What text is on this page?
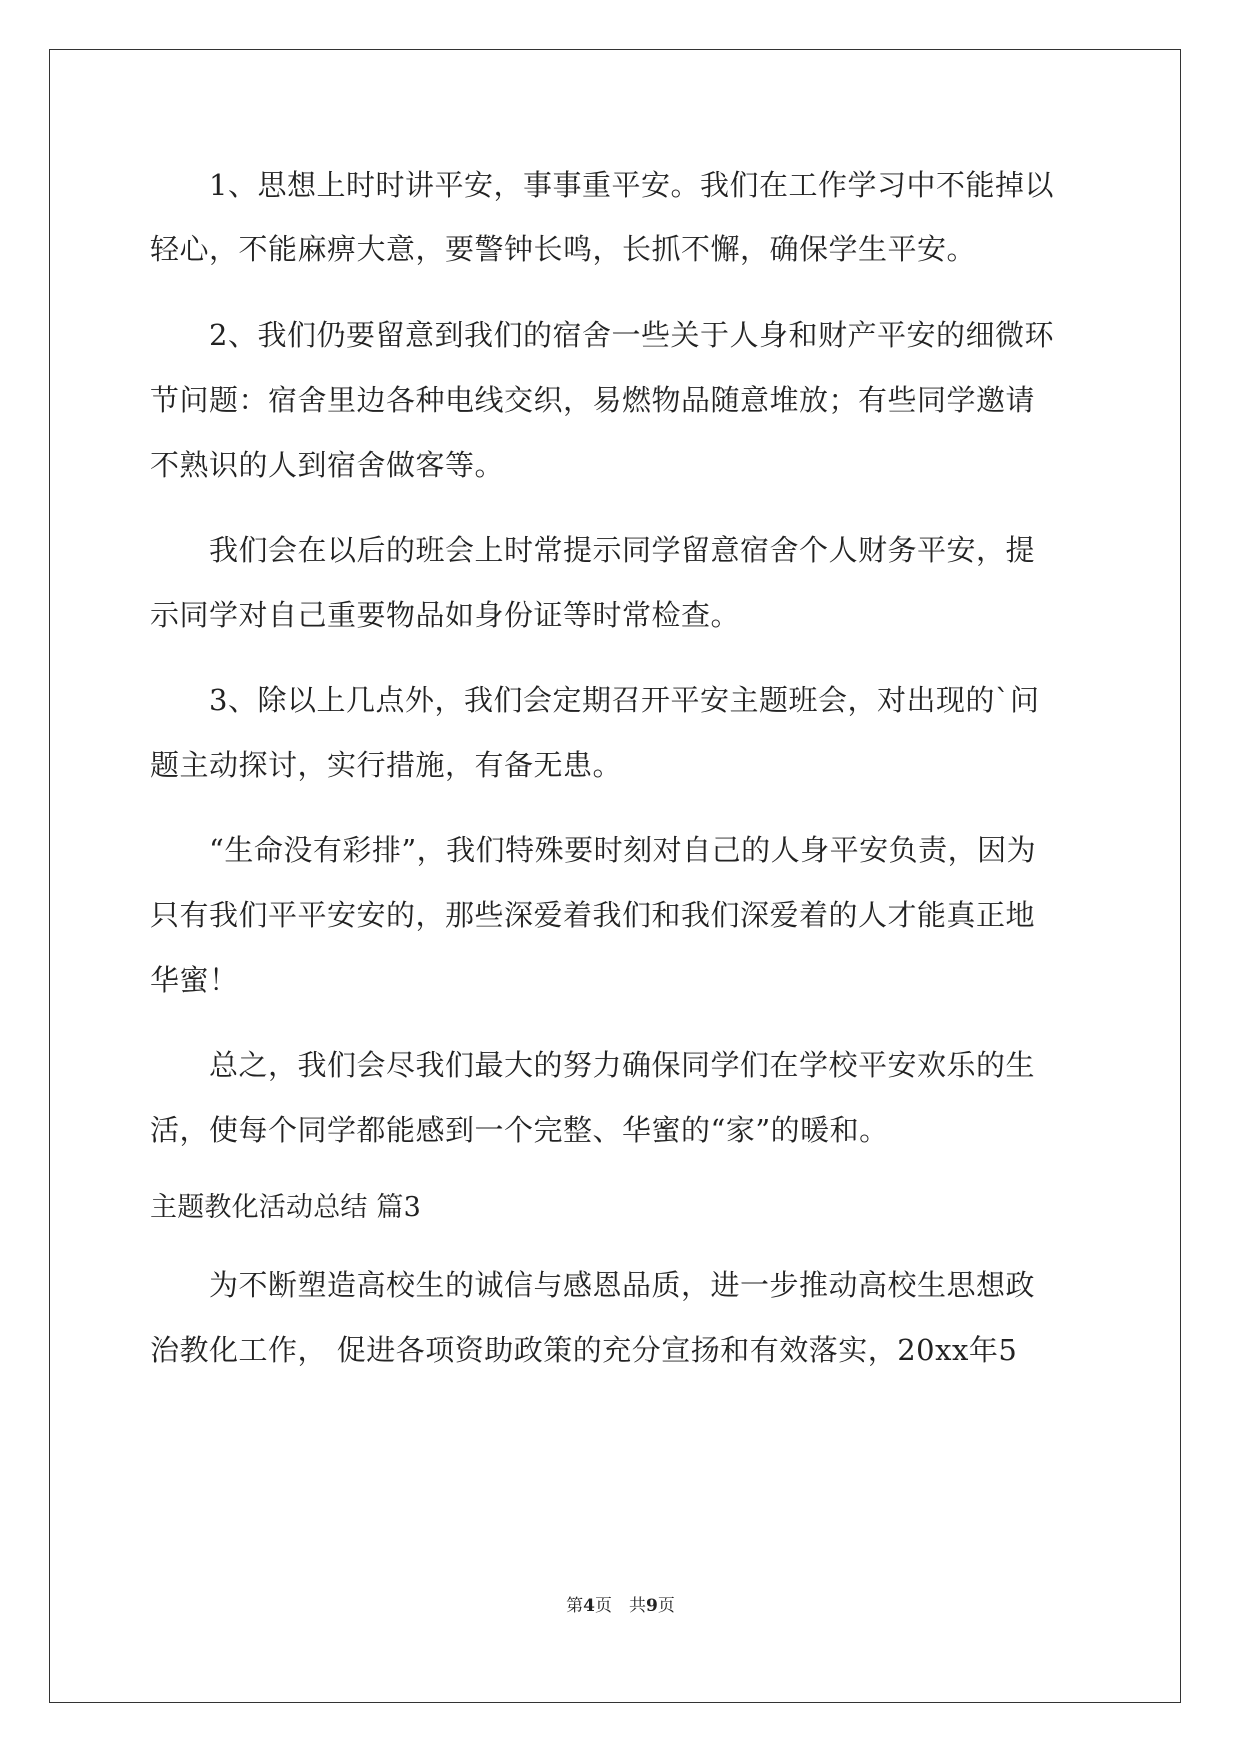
　　1、思想上时时讲平安，事事重平安。我们在工作学习中不能掉以
轻心，不能麻痹大意，要警钟长鸣，长抓不懈，确保学生平安。
　　2、我们仍要留意到我们的宿舍一些关于人身和财产平安的细微环
节问题：宿舍里边各种电线交织，易燃物品随意堆放；有些同学邀请
不熟识的人到宿舍做客等。
　　我们会在以后的班会上时常提示同学留意宿舍个人财务平安，提
示同学对自己重要物品如身份证等时常检查。
　　3、除以上几点外，我们会定期召开平安主题班会，对出现的`问
题主动探讨，实行措施，有备无患。
　　“生命没有彩排”，我们特殊要时刻对自己的人身平安负责，因为
只有我们平平安安的，那些深爱着我们和我们深爱着的人才能真正地
华蜜！
　　总之，我们会尽我们最大的努力确保同学们在学校平安欢乐的生
活，使每个同学都能感到一个完整、华蜜的“家”的暖和。
主题教化活动总结 篇3
　　为不断塑造高校生的诚信与感恩品质，进一步推动高校生思想政
治教化工作， 促进各项资助政策的充分宣扬和有效落实，20xx年5
第4页　共9页
